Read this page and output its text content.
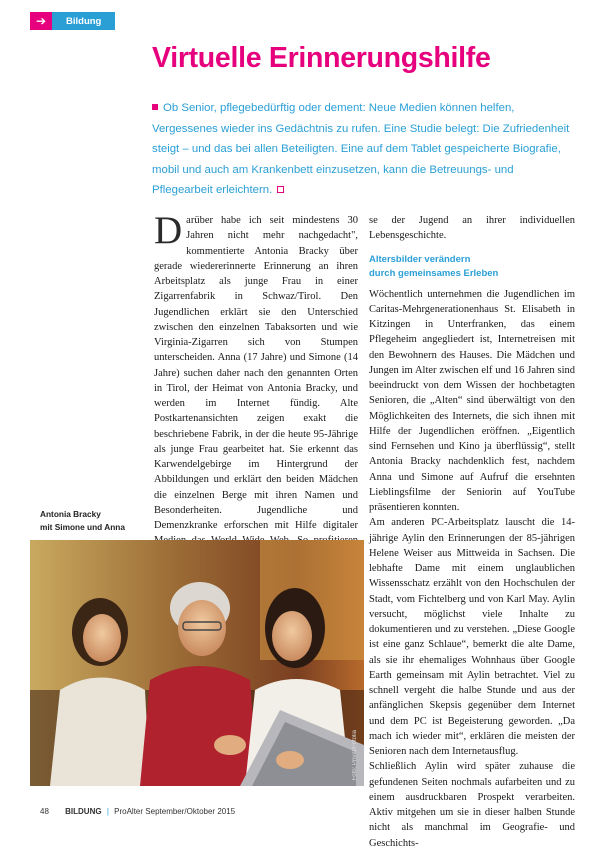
➔	Bildung
Virtuelle Erinnerungshilfe
Ob Senior, pflegebedürftig oder dement: Neue Medien können helfen, Vergessenes wieder ins Gedächtnis zu rufen. Eine Studie belegt: Die Zufriedenheit steigt – und das bei allen Beteiligten. Eine auf dem Tablet gespeicherte Biografie, mobil und auch am Krankenbett einzusetzen, kann die Betreuungs- und Pflegearbeit erleichtern.
Darüber habe ich seit mindestens 30 Jahren nicht mehr nachgedacht", kommentierte Antonia Bracky über gerade wiedererinnerte Erinnerung an ihren Arbeitsplatz als junge Frau in einer Zigarrenfabrik in Schwaz/Tirol. Den Jugendlichen erklärt sie den Unterschied zwischen den einzelnen Tabaksorten und wie Virginia-Zigarren sich von Stumpen unterscheiden. Anna (17 Jahre) und Simone (14 Jahre) suchen daher nach den genannten Orten in Tirol, der Heimat von Antonia Bracky, und werden im Internet fündig. Alte Postkartenansichten zeigen exakt die beschriebene Fabrik, in der die heute 95-Jährige als junge Frau gearbeitet hat. Sie erkennt das Karwendelgebirge im Hintergrund der Abbildungen und erklärt den beiden Mädchen die einzelnen Berge mit ihren Namen und Besonderheiten. Jugendliche und Demenzkranke erforschen mit Hilfe digitaler
se der Jugend an ihrer individuellen Lebensgeschichte.
Altersbilder verändern
durch gemeinsames Erleben
Wöchentlich unternehmen die Jugendlichen im Caritas-Mehrgenerationenhaus St. Elisabeth in Kitzingen in Unterfranken, das einem Pflegeheim angegliedert ist, Internetreisen mit den Bewohnern des Hauses. Die Mädchen und Jungen im Alter zwischen elf und 16 Jahren sind beeindruckt von dem Wissen der hochbetagten Senioren, die „Alten“ sind überwältigt von den Möglichkeiten des Internets, die sich ihnen mit Hilfe der Jugendlichen eröffnen. „Eigentlich sind Fernsehen und Kino ja überflüssig“, stellt Antonia Bracky nachdenklich fest, nachdem Anna und Simone auf Aufruf die ersehnten Lieblingsfilme der Seniorin auf YouTube präsentieren konnten.
Am anderen PC-Arbeitsplatz lauscht die 14-jährige Aylin den Erinnerungen der 85-jährigen Helene Weiser aus Mittweida in Sachsen. Die lebhafte Dame mit einem unglaublichen Wissensschatz erzählt von den Hochschulen der Stadt, vom Fichtelberg und von Karl May. Aylin versucht, möglichst viele Inhalte zu dokumentieren und zu verstehen. „Diese Google ist eine ganz Schlaue“, bemerkt die alte Dame, als sie ihr ehemaliges Wohnhaus über Google Earth gemeinsam mit Aylin betrachtet. Viel zu schnell vergeht die halbe Stunde und aus der anfänglichen Skepsis gegenüber dem Internet und dem PC ist Begeisterung geworden. „Da mach ich wieder mit“, erklären die meisten der Senioren nach dem Internetausflug.
Schließlich Aylin wird später zuhause die gefundenen Seiten nochmals aufarbeiten und zu einem ausdruckbaren Prospekt verarbeiten. Aktiv mitgehen um sie in dieser halben Stunde nicht als manchmal im Geografie- und Geschichts-
Antonia Bracky
mit Simone und Anna
Foto: Privat/Fotolia
48 BILDUNG | ProAlter September/Oktober 2015
